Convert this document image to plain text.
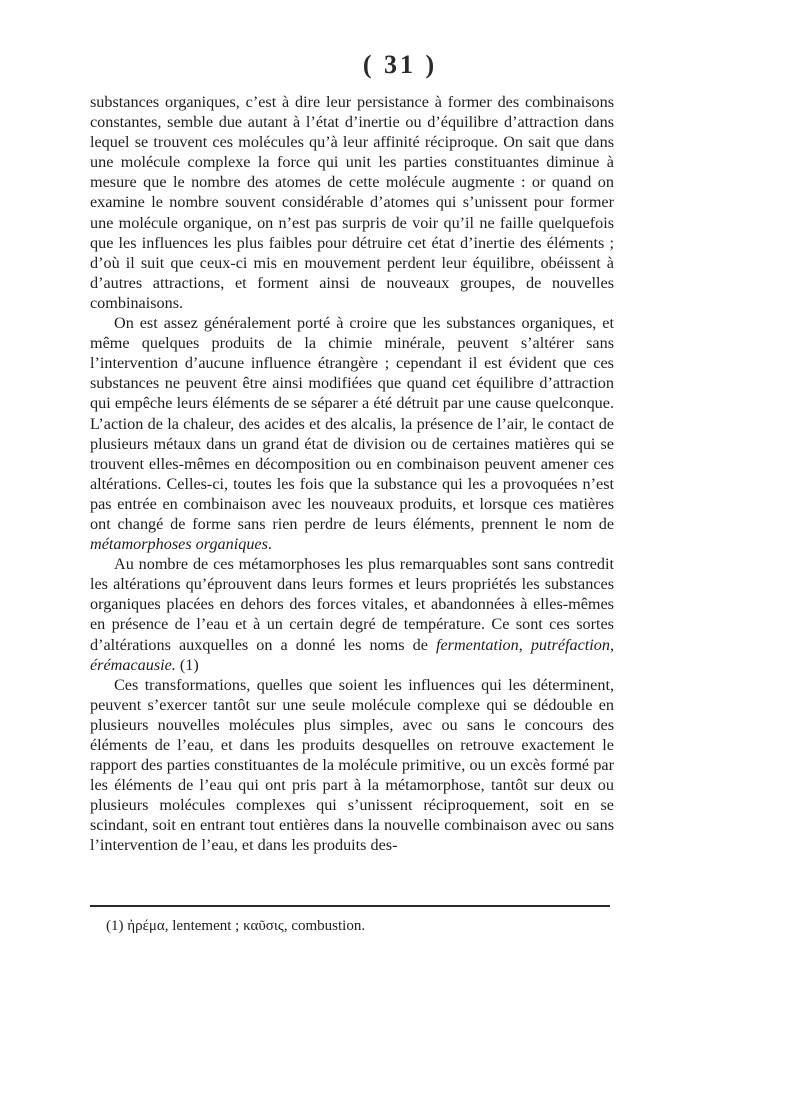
( 31 )

substances organiques, c’est à dire leur persistance à former des combinaisons constantes, semble due autant à l’état d’inertie ou d’équilibre d’attraction dans lequel se trouvent ces molécules qu’à leur affinité réciproque. On sait que dans une molécule complexe la force qui unit les parties constituantes diminue à mesure que le nombre des atomes de cette molécule augmente : or quand on examine le nombre souvent considérable d’atomes qui s’unissent pour former une molécule organique, on n’est pas surpris de voir qu’il ne faille quelquefois que les influences les plus faibles pour détruire cet état d’inertie des éléments ; d’où il suit que ceux-ci mis en mouvement perdent leur équilibre, obéissent à d’autres attractions, et forment ainsi de nouveaux groupes, de nouvelles combinaisons.

On est assez généralement porté à croire que les substances organiques, et même quelques produits de la chimie minérale, peuvent s’altérer sans l’intervention d’aucune influence étrangère ; cependant il est évident que ces substances ne peuvent être ainsi modifiées que quand cet équilibre d’attraction qui empêche leurs éléments de se séparer a été détruit par une cause quelconque. L’action de la chaleur, des acides et des alcalis, la présence de l’air, le contact de plusieurs métaux dans un grand état de division ou de certaines matières qui se trouvent elles-mêmes en décomposition ou en combinaison peuvent amener ces altérations. Celles-ci, toutes les fois que la substance qui les a provoquées n’est pas entrée en combinaison avec les nouveaux produits, et lorsque ces matières ont changé de forme sans rien perdre de leurs éléments, prennent le nom de métamorphoses organiques.

Au nombre de ces métamorphoses les plus remarquables sont sans contredit les altérations qu’éprouvent dans leurs formes et leurs propriétés les substances organiques placées en dehors des forces vitales, et abandonnées à elles-mêmes en présence de l’eau et à un certain degré de température. Ce sont ces sortes d’altérations auxquelles on a donné les noms de fermentation, putréfaction, érémacausie. (1)

Ces transformations, quelles que soient les influences qui les déterminent, peuvent s’exercer tantôt sur une seule molécule complexe qui se dédouble en plusieurs nouvelles molécules plus simples, avec ou sans le concours des éléments de l’eau, et dans les produits desquelles on retrouve exactement le rapport des parties constituantes de la molécule primitive, ou un excès formé par les éléments de l’eau qui ont pris part à la métamorphose, tantôt sur deux ou plusieurs molécules complexes qui s’unissent réciproquement, soit en se scindant, soit en entrant tout entières dans la nouvelle combinaison avec ou sans l’intervention de l’eau, et dans les produits des-

(1) ἠρέμα, lentement ; καῦσις, combustion.
